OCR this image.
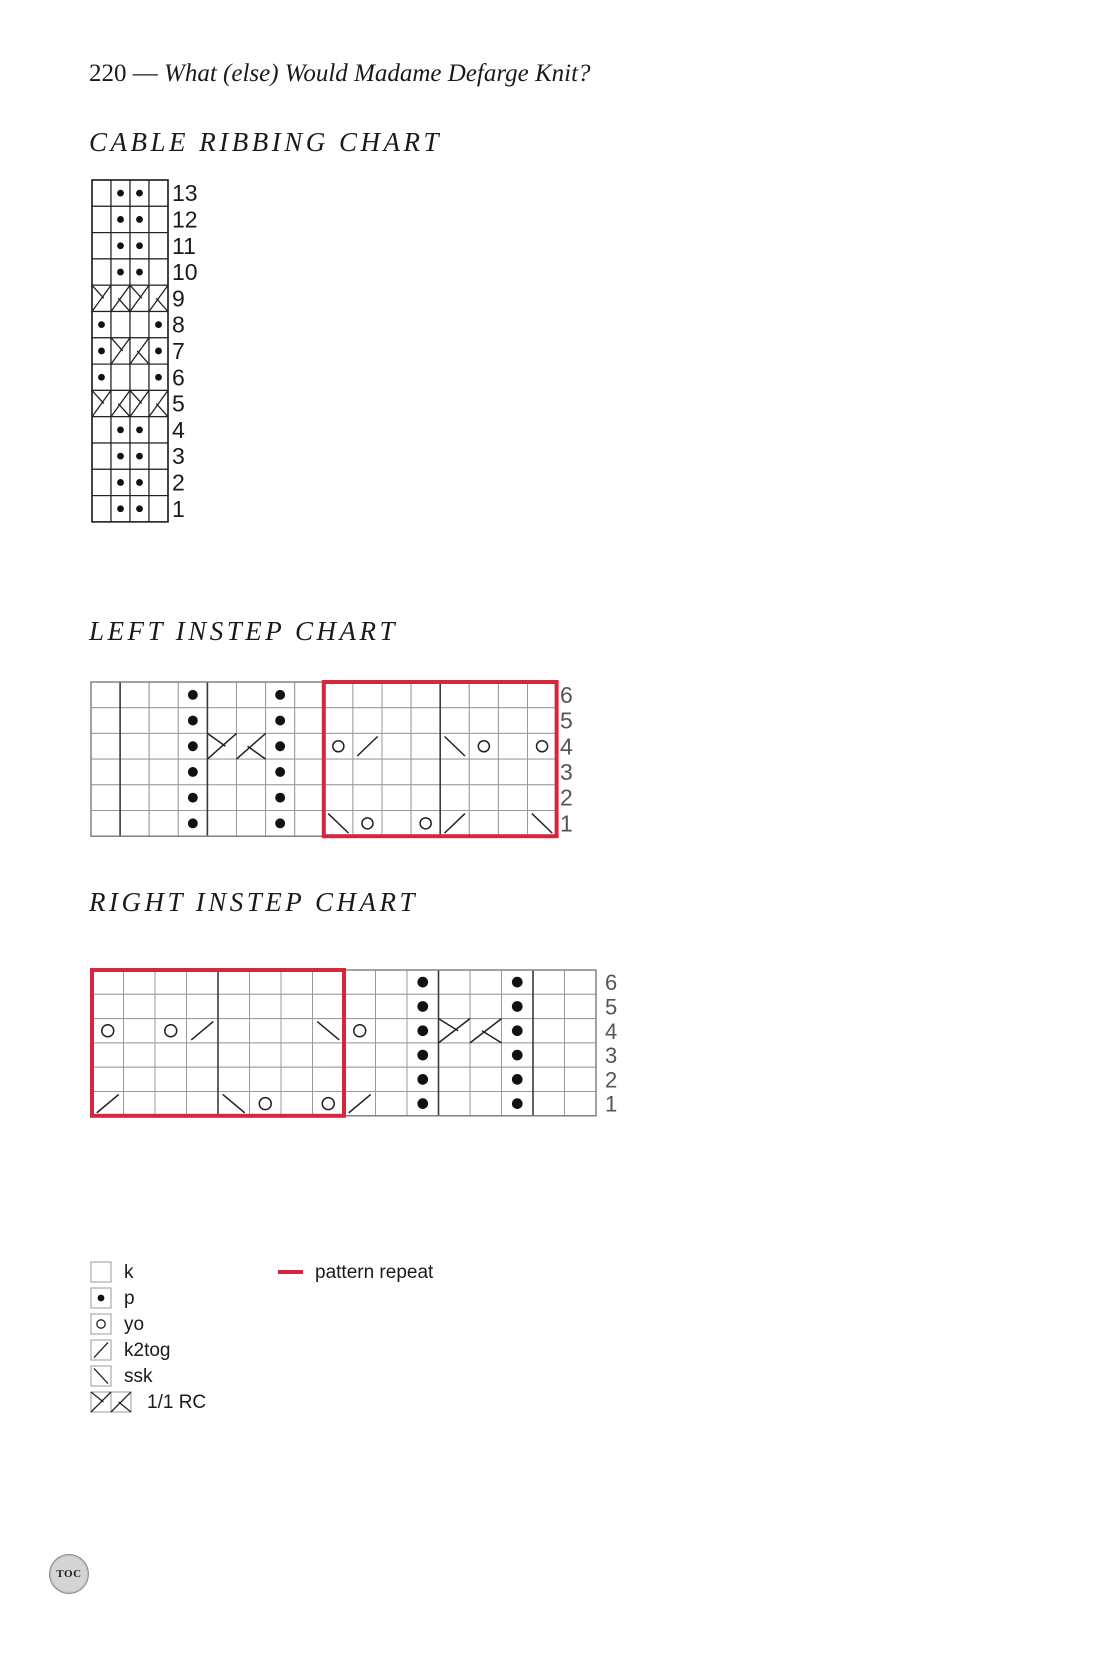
220 — What (else) Would Madame Defarge Knit?
CABLE RIBBING CHART
LEFT INSTEP CHART
RIGHT INSTEP CHART
13
12
11
10
9
8
7
6
5
4
3
2
1
6
5
4
3
2
1
6
5
4
3
2
1
k
p
yo
k2tog
ssk
1/1 RC
pattern repeat
TOC
